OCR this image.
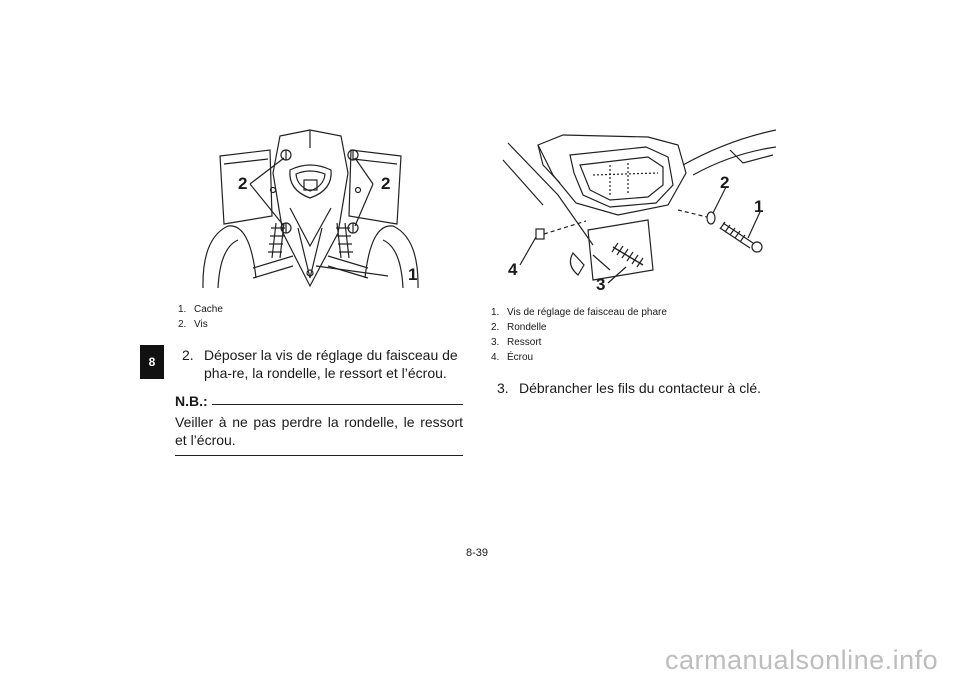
8
2	2
1
1. Cache
2. Vis
2. Déposer la vis de réglage du faisceau de pha-re, la rondelle, le ressort et l’écrou.
N.B.:
Veiller à ne pas perdre la rondelle, le ressort et l’écrou.
2
1
4
3
1. Vis de réglage de faisceau de phare
2. Rondelle
3. Ressort
4. Écrou
3. Débrancher les fils du contacteur à clé.
8-39
carmanualsonline.info
